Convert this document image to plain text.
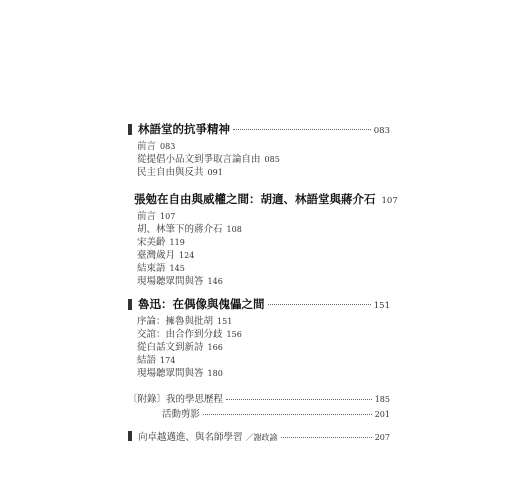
林語堂的抗爭精神	083
前言 083
從提倡小品文到爭取言論自由 085
民主自由與反共 091
張勉在自由與威權之間：胡適、林語堂與蔣介石 107
前言 107
胡、林筆下的蔣介石 108
宋美齡 119
臺灣歲月 124
結束語 145
現場聽眾問與答 146
魯迅：在偶像與傀儡之間	151
序論：擁魯與批胡 151
交誼：由合作到分歧 156
從白話文到新詩 166
結語 174
現場聽眾問與答 180
〔附錄〕我的學思歷程	185
活動剪影	201
向卓越邁進、與名師學習 ／謝政諭	207
